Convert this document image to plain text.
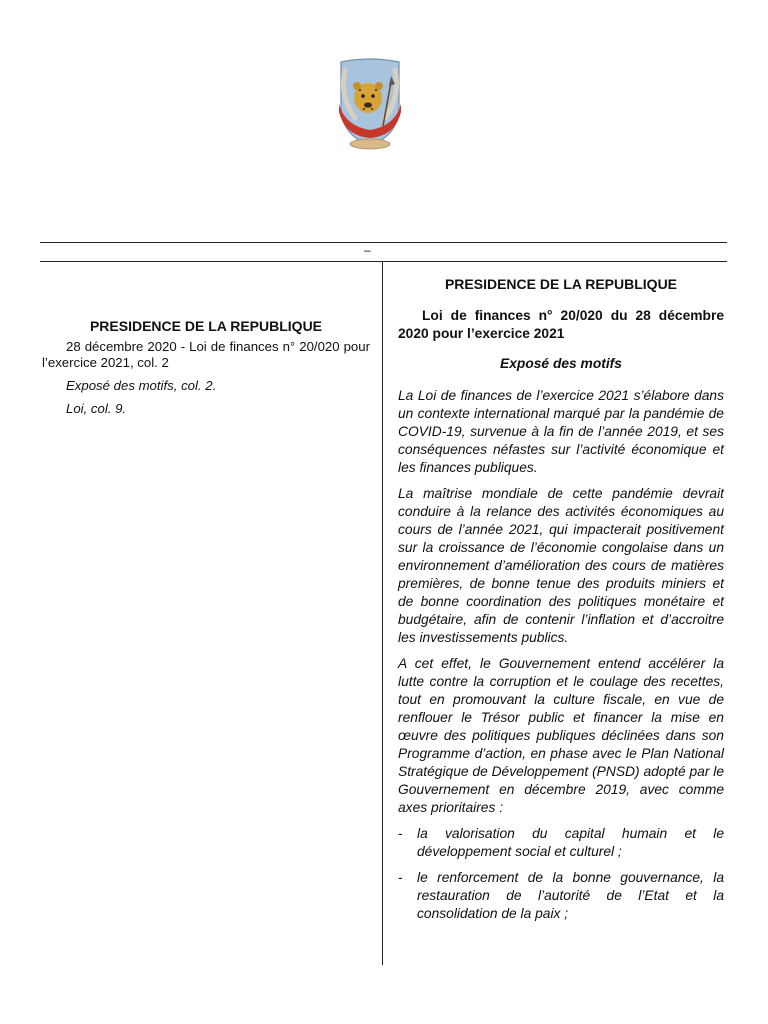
–
PRESIDENCE DE LA REPUBLIQUE

28 décembre 2020 - Loi de finances n° 20/020 pour l’exercice 2021, col. 2

Exposé des motifs, col. 2.

Loi, col. 9.

PRESIDENCE DE LA REPUBLIQUE
Loi de finances n° 20/020 du 28 décembre 2020 pour l’exercice 2021
Exposé des motifs

La Loi de finances de l’exercice 2021 s’élabore dans un contexte international marqué par la pandémie de COVID-19, survenue à la fin de l’année 2019, et ses conséquences néfastes sur l’activité économique et les finances publiques.

La maîtrise mondiale de cette pandémie devrait conduire à la relance des activités économiques au cours de l’année 2021, qui impacterait positivement sur la croissance de l’économie congolaise dans un environnement d’amélioration des cours de matières premières, de bonne tenue des produits miniers et de bonne coordination des politiques monétaire et budgétaire, afin de contenir l’inflation et d’accroitre les investissements publics.

A cet effet, le Gouvernement entend accélérer la lutte contre la corruption et le coulage des recettes, tout en promouvant la culture fiscale, en vue de renflouer le Trésor public et financer la mise en œuvre des politiques publiques déclinées dans son Programme d’action, en phase avec le Plan National Stratégique de Développement (PNSD) adopté par le Gouvernement en décembre 2019, avec comme axes prioritaires :

- la valorisation du capital humain et le développement social et culturel ;
- le renforcement de la bonne gouvernance, la restauration de l’autorité de l’Etat et la consolidation de la paix ;
